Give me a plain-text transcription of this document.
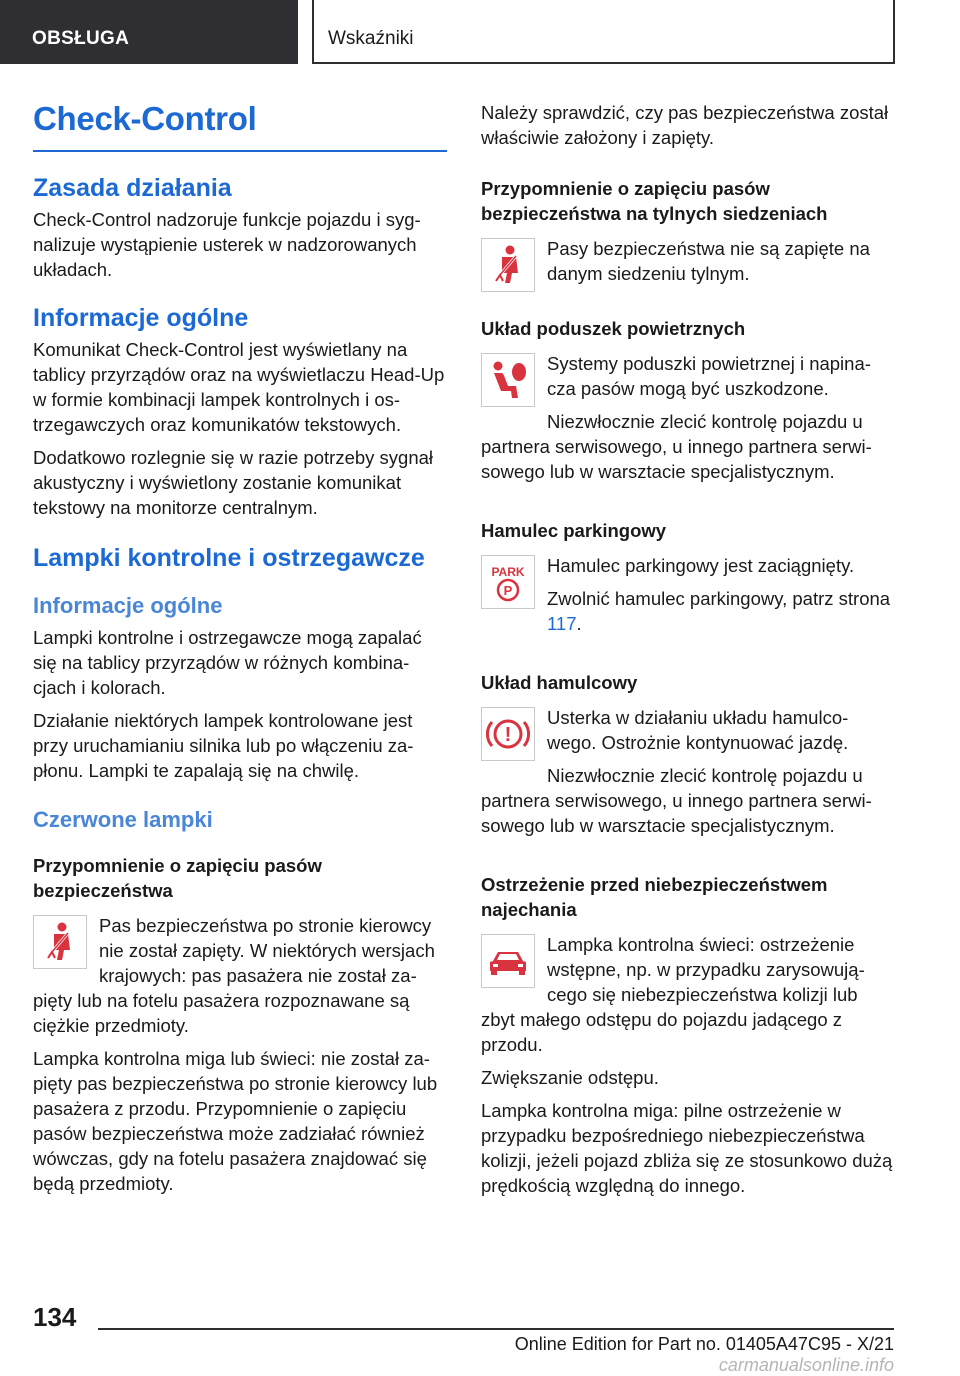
OBSŁUGA	Wskaźniki
Check-Control
Zasada działania

Check-Control nadzoruje funkcje pojazdu i syg-nalizuje wystąpienie usterek w nadzorowanych układach.

Informacje ogólne

Komunikat Check-Control jest wyświetlany na tablicy przyrządów oraz na wyświetlaczu Head-Up w formie kombinacji lampek kontrolnych i os-trzegawczych oraz komunikatów tekstowych.

Dodatkowo rozlegnie się w razie potrzeby sygnał akustyczny i wyświetlony zostanie komunikat tekstowy na monitorze centralnym.

Lampki kontrolne i ostrzegawcze
Informacje ogólne

Lampki kontrolne i ostrzegawcze mogą zapalać się na tablicy przyrządów w różnych kombina-cjach i kolorach.

Działanie niektórych lampek kontrolowane jest przy uruchamianiu silnika lub po włączeniu za-płonu. Lampki te zapalają się na chwilę.

Czerwone lampki
Przypomnienie o zapięciu pasów bezpieczeństwa

Pas bezpieczeństwa po stronie kierowcy nie został zapięty. W niektórych wersjach krajowych: pas pasażera nie został za-pięty lub na fotelu pasażera rozpoznawane są ciężkie przedmioty.

Lampka kontrolna miga lub świeci: nie został za-pięty pas bezpieczeństwa po stronie kierowcy lub pasażera z przodu. Przypomnienie o zapięciu pasów bezpieczeństwa może zadziałać również wówczas, gdy na fotelu pasażera znajdować się będą przedmioty.

Należy sprawdzić, czy pas bezpieczeństwa został właściwie założony i zapięty.

Przypomnienie o zapięciu pasów bezpieczeństwa na tylnych siedzeniach

Pasy bezpieczeństwa nie są zapięte na danym siedzeniu tylnym.

Układ poduszek powietrznych

Systemy poduszki powietrznej i napina-cza pasów mogą być uszkodzone.

Niezwłocznie zlecić kontrolę pojazdu u partnera serwisowego, u innego partnera serwi-sowego lub w warsztacie specjalistycznym.

Hamulec parkingowy
PARK
P

Hamulec parkingowy jest zaciągnięty.

Zwolnić hamulec parkingowy, patrz strona 117.

Układ hamulcowy
!

Usterka w działaniu układu hamulco-wego. Ostrożnie kontynuować jazdę.

Niezwłocznie zlecić kontrolę pojazdu u partnera serwisowego, u innego partnera serwi-sowego lub w warsztacie specjalistycznym.

Ostrzeżenie przed niebezpieczeństwem najechania

Lampka kontrolna świeci: ostrzeżenie wstępne, np. w przypadku zarysowują-cego się niebezpieczeństwa kolizji lub zbyt małego odstępu do pojazdu jadącego z przodu.

Zwiększanie odstępu.

Lampka kontrolna miga: pilne ostrzeżenie w przypadku bezpośredniego niebezpieczeństwa kolizji, jeżeli pojazd zbliża się ze stosunkowo dużą prędkością względną do innego.

134
Online Edition for Part no. 01405A47C95 - X/21 carmanualsonline.info
